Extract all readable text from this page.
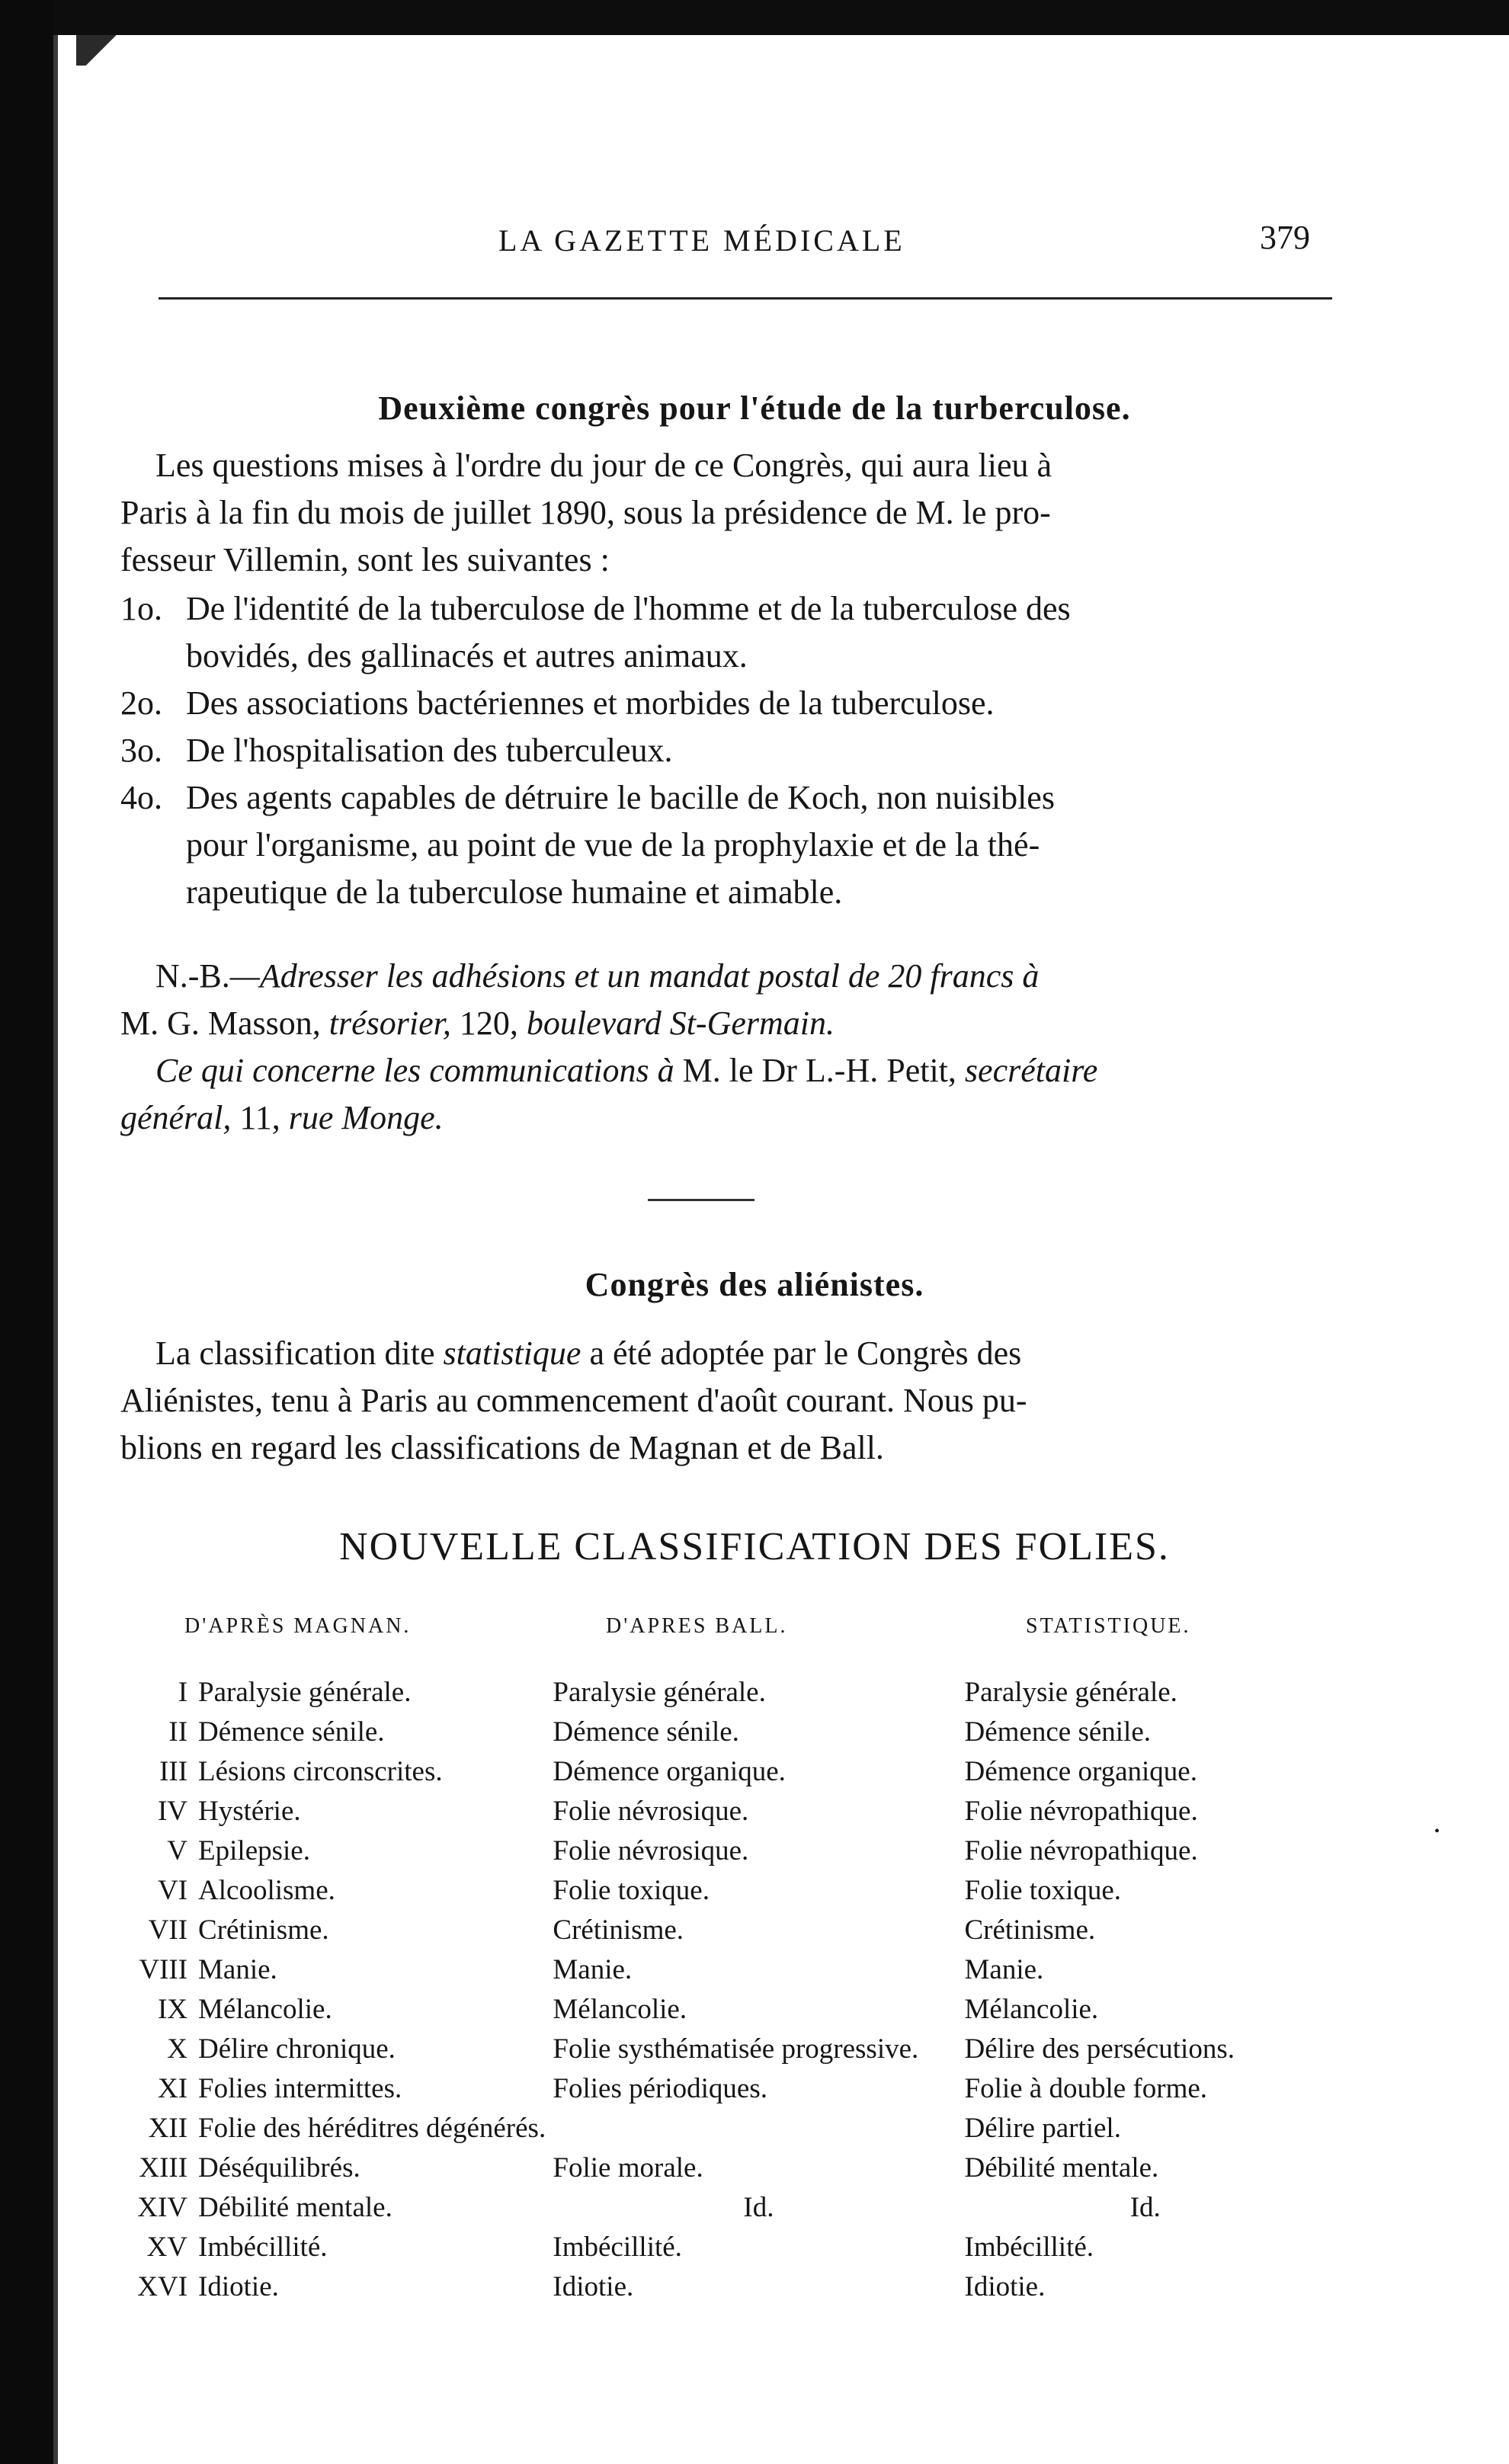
LA GAZETTE MÉDICALE	379
Deuxième congrès pour l'étude de la turberculose.
Les questions mises à l'ordre du jour de ce Congrès, qui aura lieu à
Paris à la fin du mois de juillet 1890, sous la présidence de M. le pro-
fesseur Villemin, sont les suivantes :
1o. De l'identité de la tuberculose de l'homme et de la tuberculose des
bovidés, des gallinacés et autres animaux.
2o. Des associations bactériennes et morbides de la tuberculose.
3o. De l'hospitalisation des tuberculeux.
4o. Des agents capables de détruire le bacille de Koch, non nuisibles
pour l'organisme, au point de vue de la prophylaxie et de la thé-
rapeutique de la tuberculose humaine et aimable.
N.-B.—Adresser les adhésions et un mandat postal de 20 francs à
M. G. Masson, trésorier, 120, boulevard St-Germain.
Ce qui concerne les communications à M. le Dr L.-H. Petit, secrétaire
général, 11, rue Monge.
Congrès des aliénistes.
La classification dite statistique a été adoptée par le Congrès des
Aliénistes, tenu à Paris au commencement d'août courant. Nous pu-
blions en regard les classifications de Magnan et de Ball.
NOUVELLE CLASSIFICATION DES FOLIES.
D'APRÈS MAGNAN.	D'APRES BALL.	STATISTIQUE.
I	Paralysie générale.	Paralysie générale.	Paralysie générale.
II	Démence sénile.	Démence sénile.	Démence sénile.
III	Lésions circonscrites.	Démence organique.	Démence organique.
IV	Hystérie.	Folie névrosique.	Folie névropathique.
V	Epilepsie.	Folie névrosique.	Folie névropathique.
VI	Alcoolisme.	Folie toxique.	Folie toxique.
VII	Crétinisme.	Crétinisme.	Crétinisme.
VIII	Manie.	Manie.	Manie.
IX	Mélancolie.	Mélancolie.	Mélancolie.
X	Délire chronique.	Folie systhématisée progressive.	Délire des persécutions.
XI	Folies intermittes.	Folies périodiques.	Folie à double forme.
XII	Folie des héréditres dégénérés.		Délire partiel.
XIII	Déséquilibrés.	Folie morale.	Débilité mentale.
XIV	Débilité mentale.	Id.	Id.
XV	Imbécillité.	Imbécillité.	Imbécillité.
XVI	Idiotie.	Idiotie.	Idiotie.
•
